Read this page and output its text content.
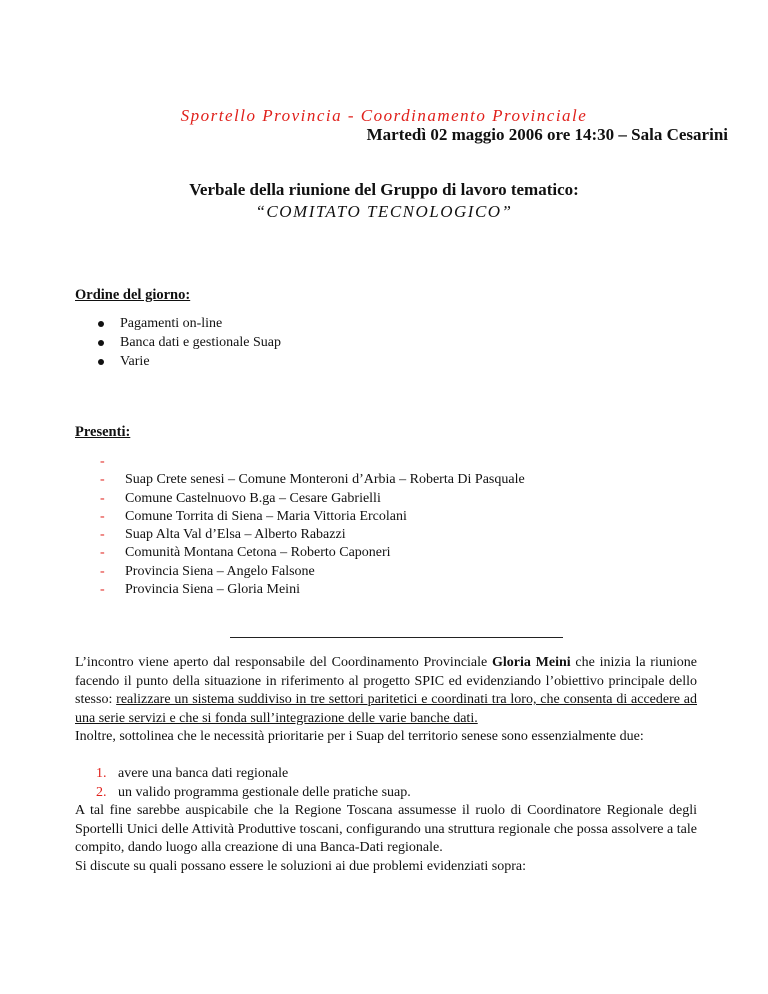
Sportello Provincia - Coordinamento Provinciale
Martedì 02 maggio 2006 ore 14:30 – Sala Cesarini
Verbale della riunione del Gruppo di lavoro tematico:
“COMITATO TECNOLOGICO”
Ordine del giorno:
Pagamenti on-line
Banca dati e gestionale Suap
Varie
Presenti:
-
- Suap Crete senesi – Comune Monteroni d’Arbia – Roberta Di Pasquale
- Comune Castelnuovo B.ga – Cesare Gabrielli
- Comune Torrita di Siena – Maria Vittoria Ercolani
- Suap Alta Val d’Elsa – Alberto Rabazzi
- Comunità Montana Cetona – Roberto Caponeri
- Provincia Siena – Angelo Falsone
- Provincia Siena – Gloria Meini
L’incontro viene aperto dal responsabile del Coordinamento Provinciale Gloria Meini che inizia la riunione facendo il punto della situazione in riferimento al progetto SPIC ed evidenziando l’obiettivo principale dello stesso: realizzare un sistema suddiviso in tre settori paritetici e coordinati tra loro, che consenta di accedere ad una serie servizi e che si fonda sull’integrazione delle varie banche dati.
Inoltre, sottolinea che le necessità prioritarie per i Suap del territorio senese sono essenzialmente due:
1. avere una banca dati regionale
2. un valido programma gestionale delle pratiche suap.
A tal fine sarebbe auspicabile che la Regione Toscana assumesse il ruolo di Coordinatore Regionale degli Sportelli Unici delle Attività Produttive toscani, configurando una struttura regionale che possa assolvere a tale compito, dando luogo alla creazione di una Banca-Dati regionale.
Si discute su quali possano essere le soluzioni ai due problemi evidenziati sopra:
